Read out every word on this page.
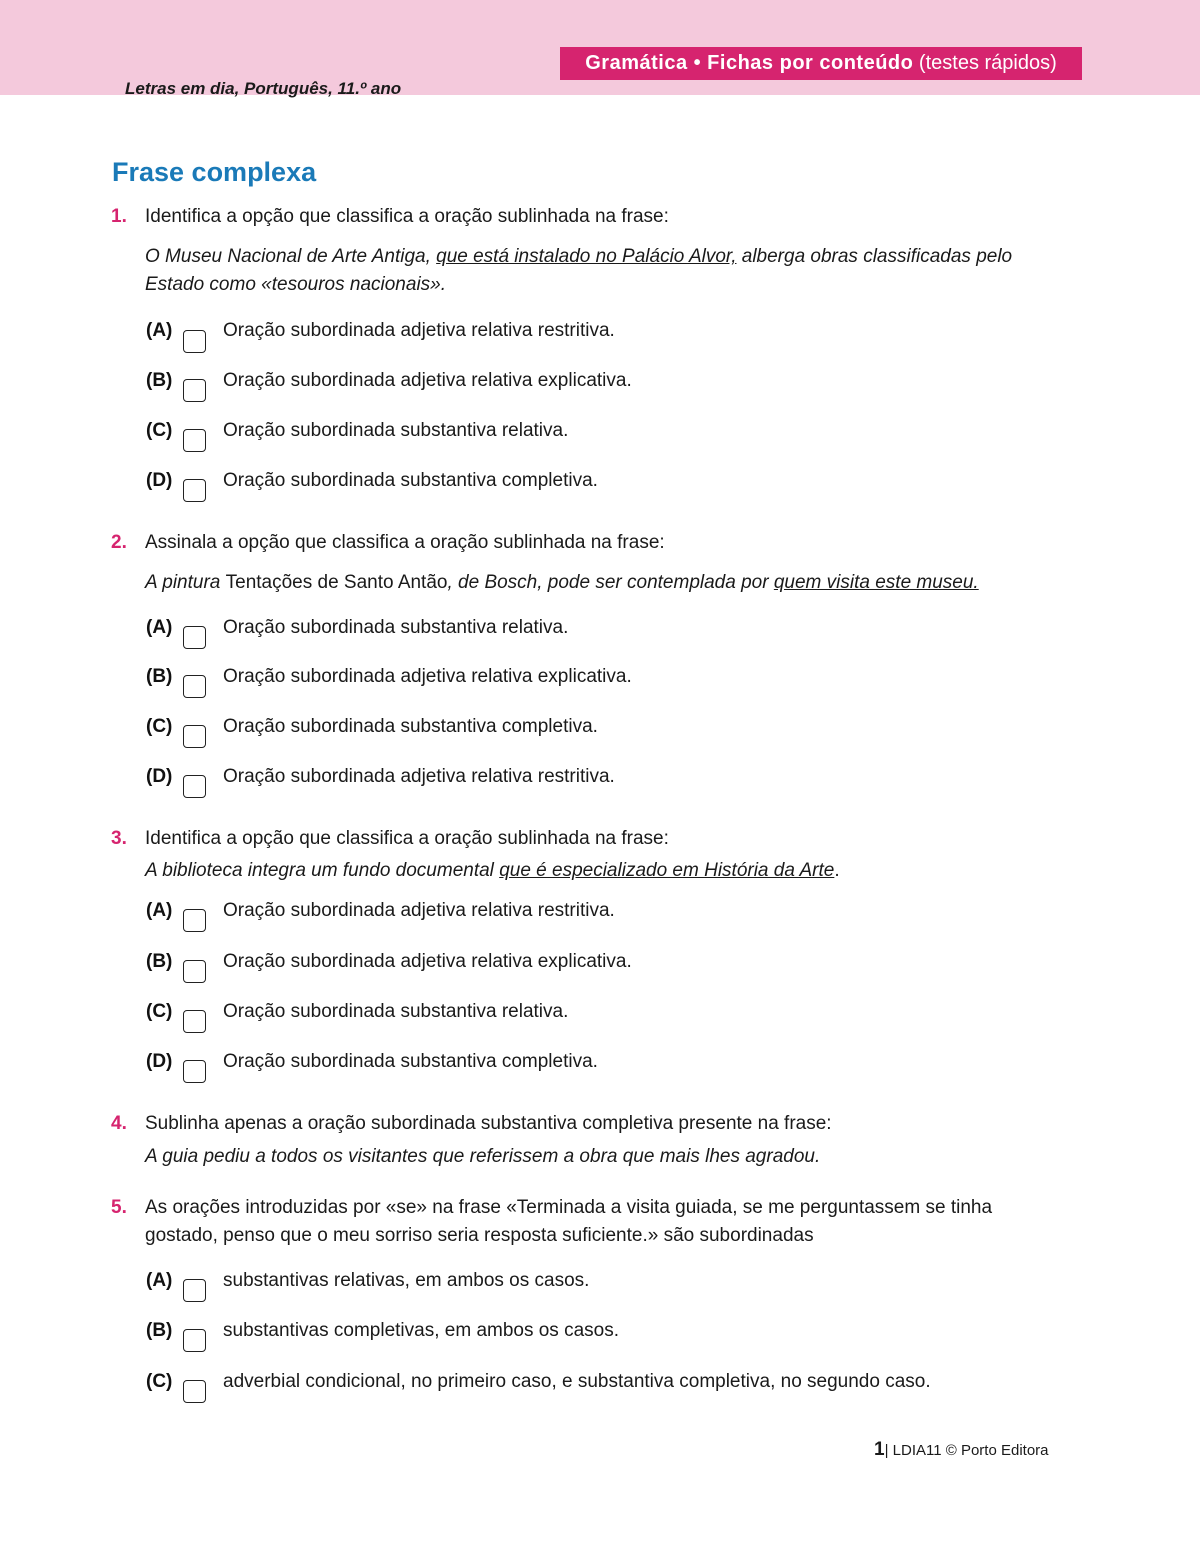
Gramática • Fichas por conteúdo (testes rápidos)
Letras em dia, Português, 11.º ano
Frase complexa
1. Identifica a opção que classifica a oração sublinhada na frase:
O Museu Nacional de Arte Antiga, que está instalado no Palácio Alvor, alberga obras classificadas pelo Estado como «tesouros nacionais».
(A)	Oração subordinada adjetiva relativa restritiva.
(B)	Oração subordinada adjetiva relativa explicativa.
(C)	Oração subordinada substantiva relativa.
(D)	Oração subordinada substantiva completiva.
2. Assinala a opção que classifica a oração sublinhada na frase:
A pintura Tentações de Santo Antão, de Bosch, pode ser contemplada por quem visita este museu.
(A)	Oração subordinada substantiva relativa.
(B)	Oração subordinada adjetiva relativa explicativa.
(C)	Oração subordinada substantiva completiva.
(D)	Oração subordinada adjetiva relativa restritiva.
3. Identifica a opção que classifica a oração sublinhada na frase:
A biblioteca integra um fundo documental que é especializado em História da Arte.
(A)	Oração subordinada adjetiva relativa restritiva.
(B)	Oração subordinada adjetiva relativa explicativa.
(C)	Oração subordinada substantiva relativa.
(D)	Oração subordinada substantiva completiva.
4. Sublinha apenas a oração subordinada substantiva completiva presente na frase:
A guia pediu a todos os visitantes que referissem a obra que mais lhes agradou.
5. As orações introduzidas por «se» na frase «Terminada a visita guiada, se me perguntassem se tinha gostado, penso que o meu sorriso seria resposta suficiente.» são subordinadas
(A)	substantivas relativas, em ambos os casos.
(B)	substantivas completivas, em ambos os casos.
(C)	adverbial condicional, no primeiro caso, e substantiva completiva, no segundo caso.
1| LDIA11 © Porto Editora
